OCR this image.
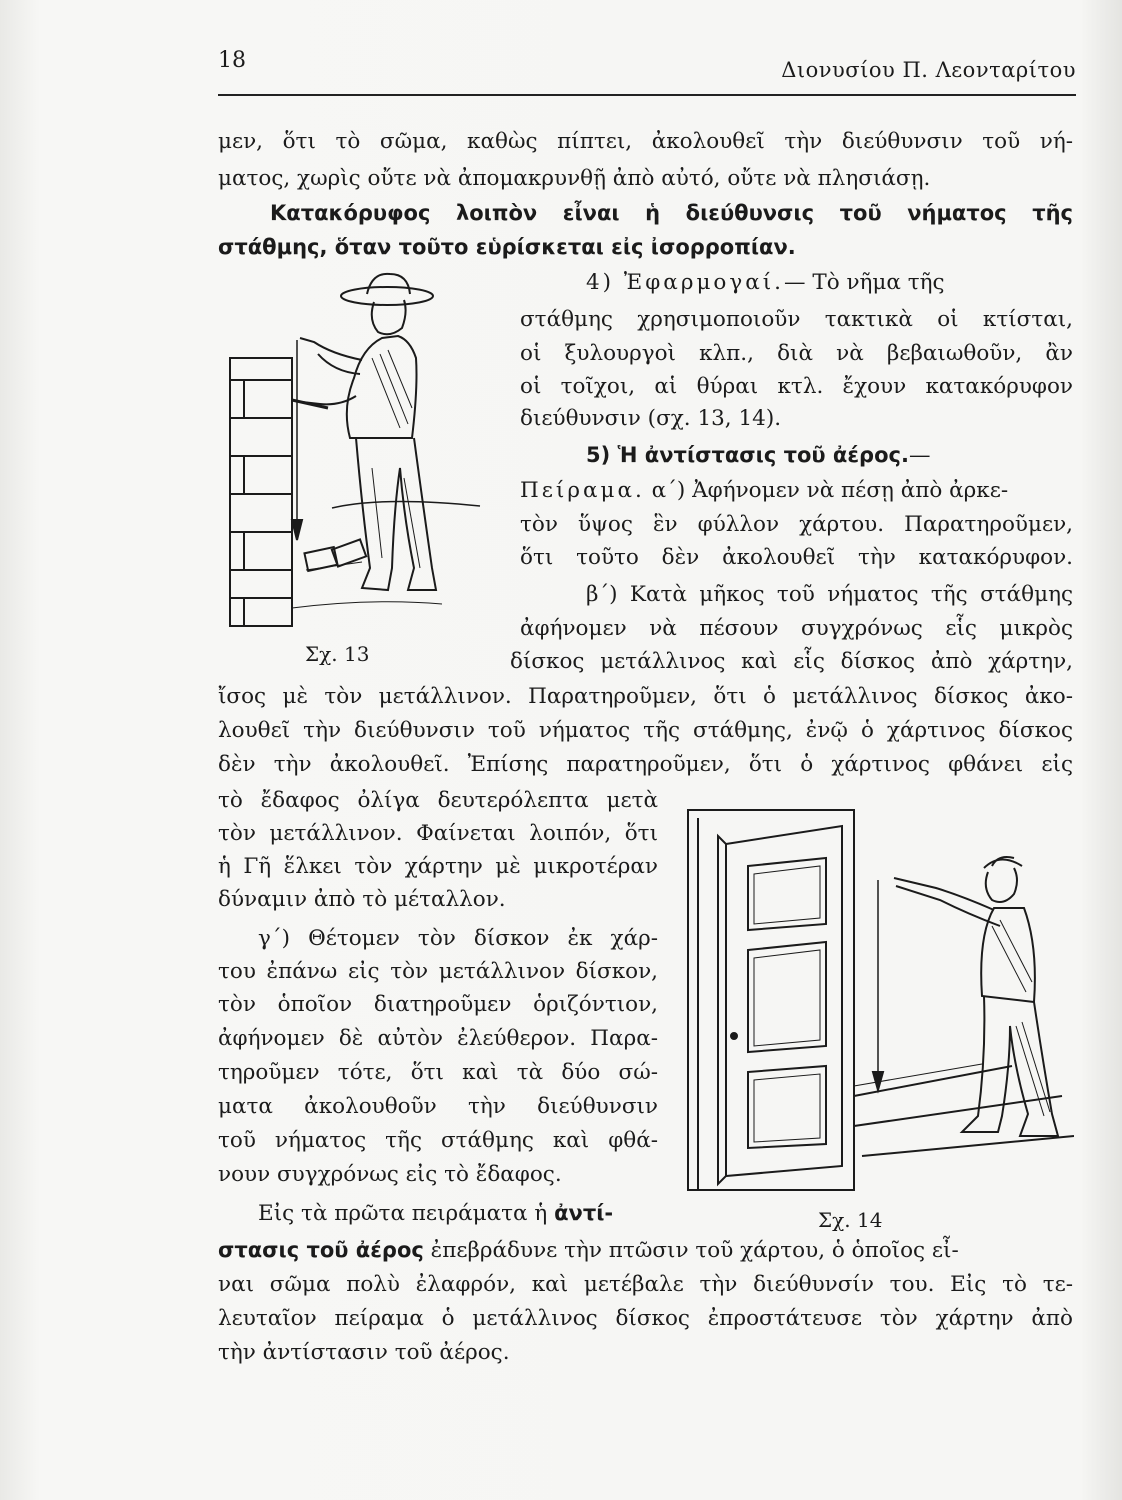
18	Διονυσίου Π. Λεονταρίτου
μεν, ὅτι τὸ σῶμα, καθὼς πίπτει, ἀκολουθεῖ τὴν διεύθυνσιν τοῦ νή-
ματος, χωρὶς οὔτε νὰ ἀπομακρυνθῇ ἀπὸ αὐτό, οὔτε νὰ πλησιάσῃ.
Κατακόρυφος λοιπὸν εἶναι ἡ διεύθυνσις τοῦ νήματος τῆς
στάθμης, ὅταν τοῦτο εὑρίσκεται εἰς ἰσορροπίαν.
4) Ἐφαρμογαί.— Τὸ νῆμα τῆς
στάθμης χρησιμοποιοῦν τακτικὰ οἱ κτίσται,
οἱ ξυλουργοὶ κλπ., διὰ νὰ βεβαιωθοῦν, ἂν
οἱ τοῖχοι, αἱ θύραι κτλ. ἔχουν κατακόρυφον
διεύθυνσιν (σχ. 13, 14).
5) Ἡ ἀντίστασις τοῦ ἀέρος.—
Πείραμα. α΄) Ἀφήνομεν νὰ πέσῃ ἀπὸ ἀρκε-
τὸν ὕψος ἓν φύλλον χάρτου. Παρατηροῦμεν,
ὅτι τοῦτο δὲν ἀκολουθεῖ τὴν κατακόρυφον.
β΄) Κατὰ μῆκος τοῦ νήματος τῆς στάθμης
ἀφήνομεν νὰ πέσουν συγχρόνως εἷς μικρὸς
δίσκος μετάλλινος καὶ εἷς δίσκος ἀπὸ χάρτην,
Σχ. 13
ἴσος μὲ τὸν μετάλλινον. Παρατηροῦμεν, ὅτι ὁ μετάλλινος δίσκος ἀκο-
λουθεῖ τὴν διεύθυνσιν τοῦ νήματος τῆς στάθμης, ἐνῷ ὁ χάρτινος δίσκος
δὲν τὴν ἀκολουθεῖ. Ἐπίσης παρατηροῦμεν, ὅτι ὁ χάρτινος φθάνει εἰς
τὸ ἔδαφος ὀλίγα δευτερόλεπτα μετὰ
τὸν μετάλλινον. Φαίνεται λοιπόν, ὅτι
ἡ Γῆ ἕλκει τὸν χάρτην μὲ μικροτέραν
δύναμιν ἀπὸ τὸ μέταλλον.
γ΄) Θέτομεν τὸν δίσκον ἐκ χάρ-
του ἐπάνω εἰς τὸν μετάλλινον δίσκον,
τὸν ὁποῖον διατηροῦμεν ὁριζόντιον,
ἀφήνομεν δὲ αὐτὸν ἐλεύθερον. Παρα-
τηροῦμεν τότε, ὅτι καὶ τὰ δύο σώ-
ματα ἀκολουθοῦν τὴν διεύθυνσιν
τοῦ νήματος τῆς στάθμης καὶ φθά-
νουν συγχρόνως εἰς τὸ ἔδαφος.
Σχ. 14
Εἰς τὰ πρῶτα πειράματα ἡ ἀντί-
στασις τοῦ ἀέρος ἐπεβράδυνε τὴν πτῶσιν τοῦ χάρτου, ὁ ὁποῖος εἶ-
ναι σῶμα πολὺ ἐλαφρόν, καὶ μετέβαλε τὴν διεύθυνσίν του. Εἰς τὸ τε-
λευταῖον πείραμα ὁ μετάλλινος δίσκος ἐπροστάτευσε τὸν χάρτην ἀπὸ
τὴν ἀντίστασιν τοῦ ἀέρος.
